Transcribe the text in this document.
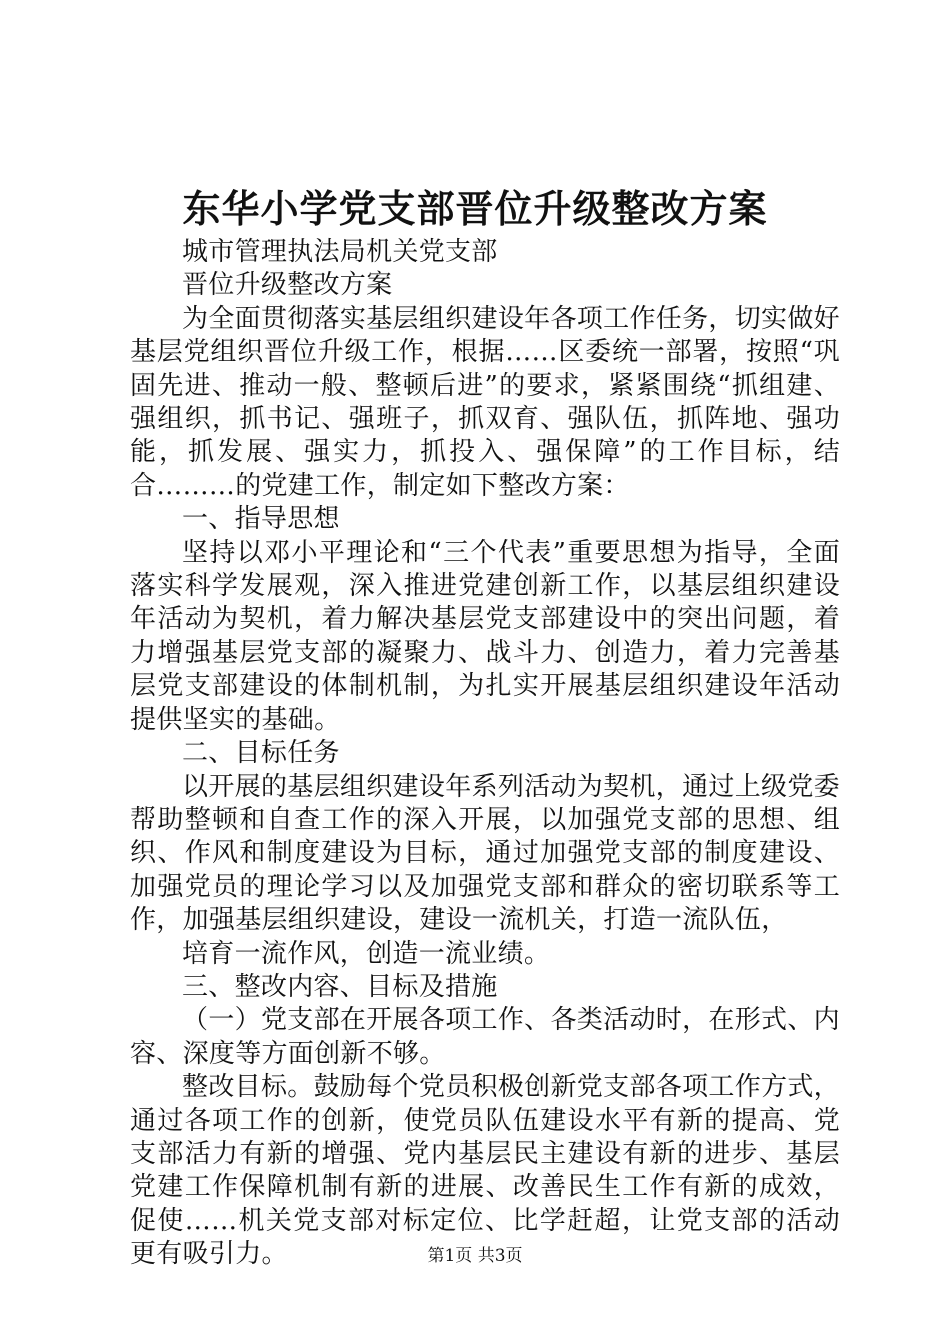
东华小学党支部晋位升级整改方案

城市管理执法局机关党支部

晋位升级整改方案

为全面贯彻落实基层组织建设年各项工作任务，切实做好基层党组织晋位升级工作，根据……区委统一部署，按照“巩固先进、推动一般、整顿后进”的要求，紧紧围绕“抓组建、强组织，抓书记、强班子，抓双育、强队伍，抓阵地、强功能，抓发展、强实力，抓投入、强保障”的工作目标，结合………的党建工作，制定如下整改方案：

一、指导思想

坚持以邓小平理论和“三个代表”重要思想为指导，全面落实科学发展观，深入推进党建创新工作，以基层组织建设年活动为契机，着力解决基层党支部建设中的突出问题，着力增强基层党支部的凝聚力、战斗力、创造力，着力完善基层党支部建设的体制机制，为扎实开展基层组织建设年活动提供坚实的基础。

二、目标任务

以开展的基层组织建设年系列活动为契机，通过上级党委帮助整顿和自查工作的深入开展，以加强党支部的思想、组织、作风和制度建设为目标，通过加强党支部的制度建设、加强党员的理论学习以及加强党支部和群众的密切联系等工作，加强基层组织建设，建设一流机关，打造一流队伍，

培育一流作风，创造一流业绩。

三、整改内容、目标及措施

（一）党支部在开展各项工作、各类活动时，在形式、内容、深度等方面创新不够。

整改目标。鼓励每个党员积极创新党支部各项工作方式，通过各项工作的创新，使党员队伍建设水平有新的提高、党支部活力有新的增强、党内基层民主建设有新的进步、基层党建工作保障机制有新的进展、改善民生工作有新的成效，促使……机关党支部对标定位、比学赶超，让党支部的活动更有吸引力。	第1页 共3页
